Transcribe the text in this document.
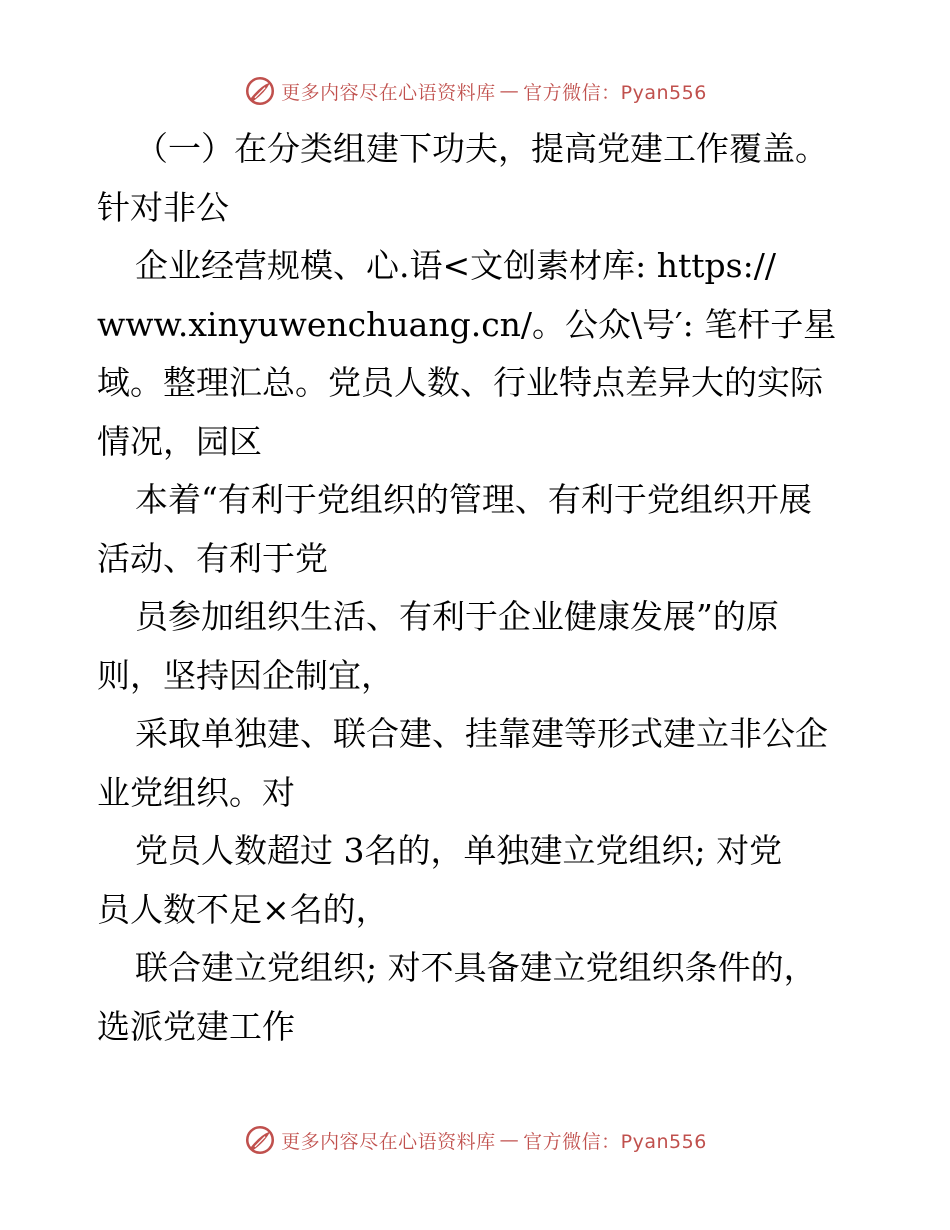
更多内容尽在心语资料库 — 官方微信：Pyan556

（一）在分类组建下功夫，提高党建工作覆盖。
针对非公

企业经营规模、心.语<文创素材库: https://
www.xinyuwenchuang.cn/。公众\号′: 笔杆子星
域。整理汇总。党员人数、行业特点差异大的实际
情况，园区

本着“有利于党组织的管理、有利于党组织开展
活动、有利于党

员参加组织生活、有利于企业健康发展”的原
则，坚持因企制宜，

采取单独建、联合建、挂靠建等形式建立非公企
业党组织。对

党员人数超过 3名的，单独建立党组织; 对党
员人数不足×名的，

联合建立党组织; 对不具备建立党组织条件的，
选派党建工作

更多内容尽在心语资料库 — 官方微信：Pyan556
